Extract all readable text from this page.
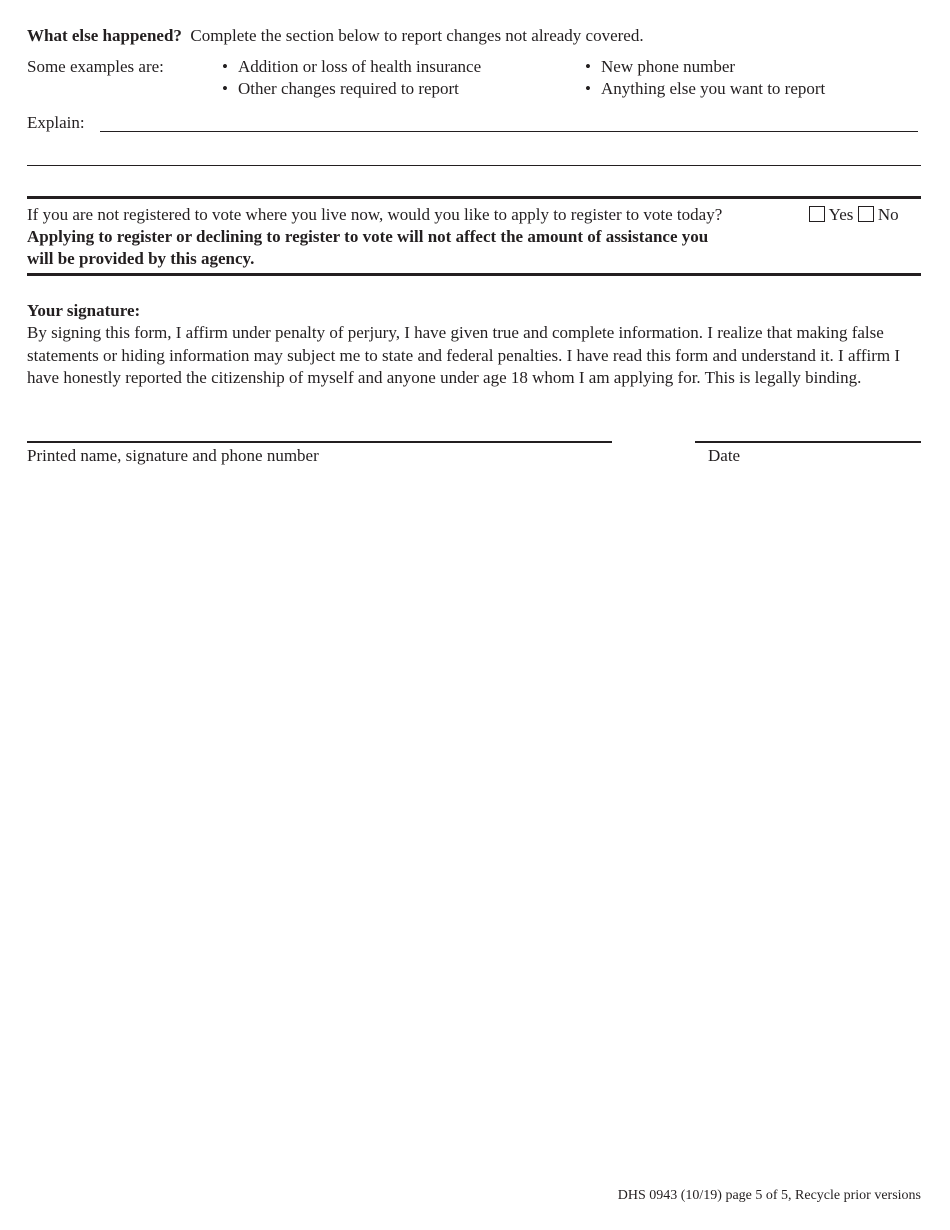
What else happened? Complete the section below to report changes not already covered.
Some examples are:	• Addition or loss of health insurance
• Other changes required to report
• New phone number
• Anything else you want to report
Explain:
If you are not registered to vote where you live now, would you like to apply to register to vote today?	Yes No
Applying to register or declining to register to vote will not affect the amount of assistance you
will be provided by this agency.
Your signature:
By signing this form, I affirm under penalty of perjury, I have given true and complete information. I realize that making false statements or hiding information may subject me to state and federal penalties. I have read this form and understand it. I affirm I have honestly reported the citizenship of myself and anyone under age 18 whom I am applying for. This is legally binding.
Printed name, signature and phone number	Date
DHS 0943 (10/19) page 5 of 5, Recycle prior versions
